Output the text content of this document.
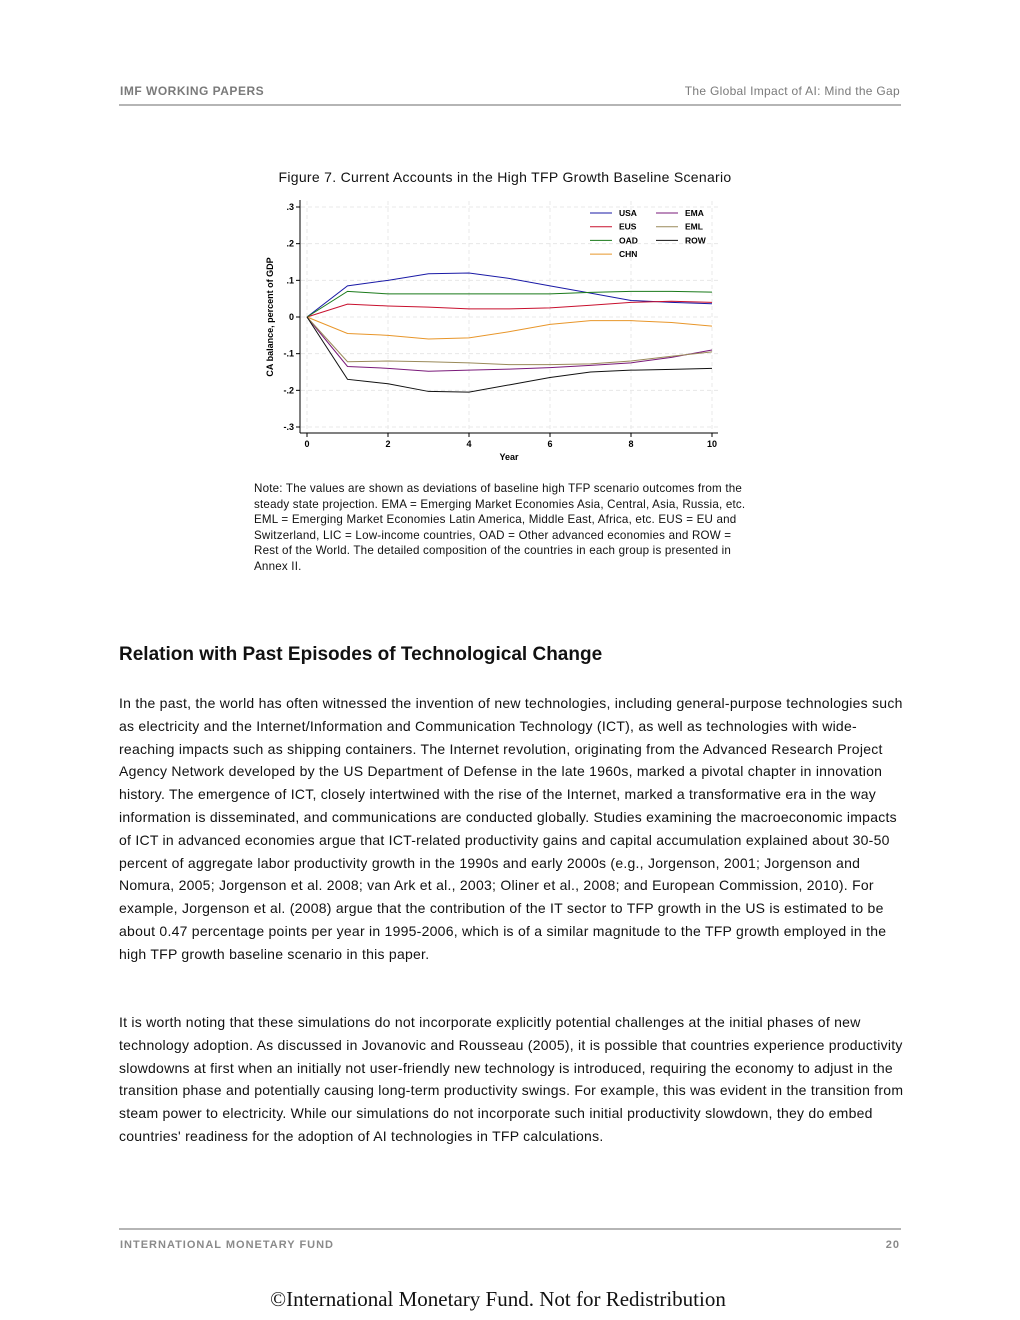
IMF WORKING PAPERS	The Global Impact of AI: Mind the Gap
Figure 7. Current Accounts in the High TFP Growth Baseline Scenario
.3
.2
.1
0
-.1
-.2
-.3
0	2	4	6	8	10
Year
CA balance, percent of GDP
USA
EUS
OAD
CHN
EMA
EML
ROW
Note: The values are shown as deviations of baseline high TFP scenario outcomes from the steady state projection. EMA = Emerging Market Economies Asia, Central, Asia, Russia, etc. EML = Emerging Market Economies Latin America, Middle East, Africa, etc. EUS = EU and Switzerland, LIC = Low-income countries, OAD = Other advanced economies and ROW = Rest of the World. The detailed composition of the countries in each group is presented in Annex II.
Relation with Past Episodes of Technological Change

In the past, the world has often witnessed the invention of new technologies, including general-purpose technologies such as electricity and the Internet/Information and Communication Technology (ICT), as well as technologies with wide-reaching impacts such as shipping containers. The Internet revolution, originating from the Advanced Research Project Agency Network developed by the US Department of Defense in the late 1960s, marked a pivotal chapter in innovation history. The emergence of ICT, closely intertwined with the rise of the Internet, marked a transformative era in the way information is disseminated, and communications are conducted globally. Studies examining the macroeconomic impacts of ICT in advanced economies argue that ICT-related productivity gains and capital accumulation explained about 30-50 percent of aggregate labor productivity growth in the 1990s and early 2000s (e.g., Jorgenson, 2001; Jorgenson and Nomura, 2005; Jorgenson et al. 2008; van Ark et al., 2003; Oliner et al., 2008; and European Commission, 2010). For example, Jorgenson et al. (2008) argue that the contribution of the IT sector to TFP growth in the US is estimated to be about 0.47 percentage points per year in 1995-2006, which is of a similar magnitude to the TFP growth employed in the high TFP growth baseline scenario in this paper.

It is worth noting that these simulations do not incorporate explicitly potential challenges at the initial phases of new technology adoption. As discussed in Jovanovic and Rousseau (2005), it is possible that countries experience productivity slowdowns at first when an initially not user-friendly new technology is introduced, requiring the economy to adjust in the transition phase and potentially causing long-term productivity swings. For example, this was evident in the transition from steam power to electricity. While our simulations do not incorporate such initial productivity slowdown, they do embed countries' readiness for the adoption of AI technologies in TFP calculations.

INTERNATIONAL MONETARY FUND	20
©International Monetary Fund. Not for Redistribution
